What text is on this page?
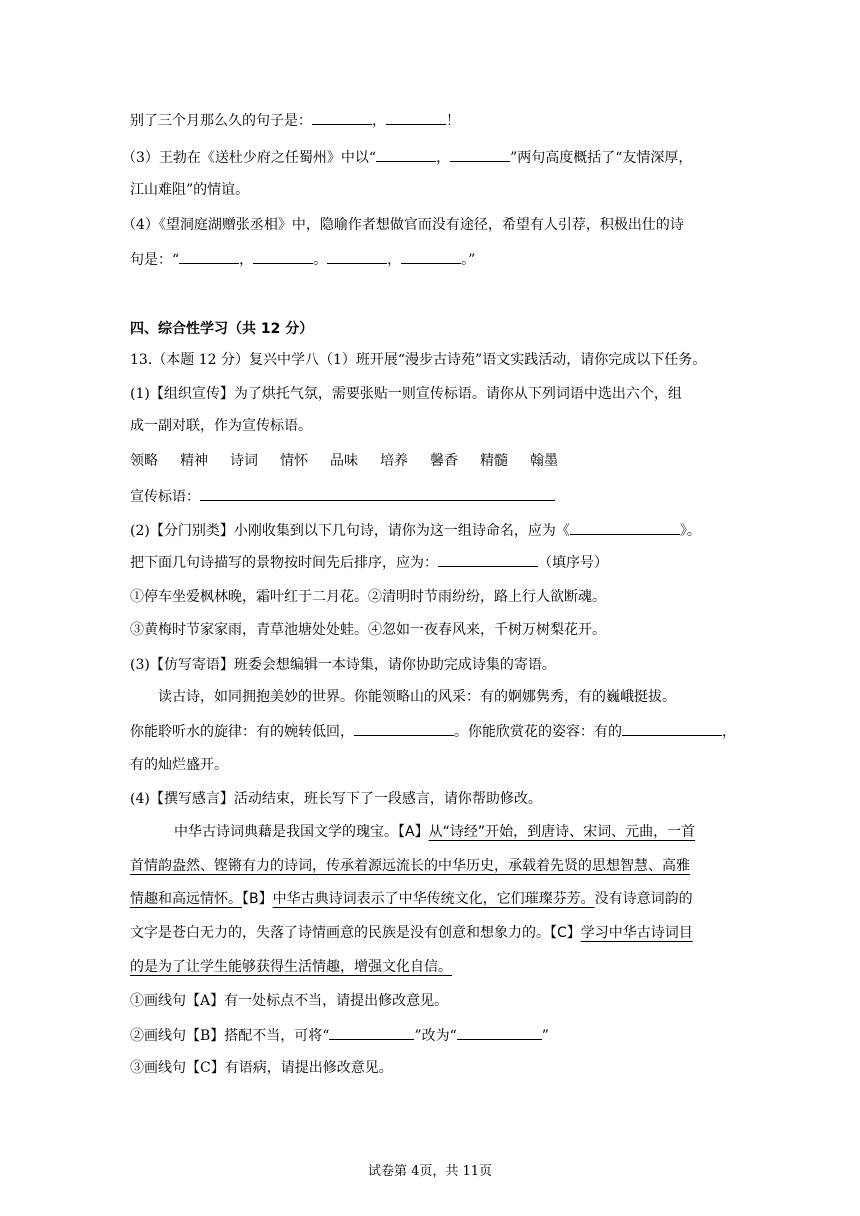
别了三个月那么久的句子是：	，	！
（3）王勃在《送杜少府之任蜀州》中以“	，	”两句高度概括了“友情深厚，
江山难阻”的情谊。
（4）《望洞庭湖赠张丞相》中，隐喻作者想做官而没有途径，希望有人引荐，积极出仕的诗
句是：“	，	。	，	。”
四、综合性学习（共 12 分）
13.（本题 12 分）复兴中学八（1）班开展“漫步古诗苑”语文实践活动，请你完成以下任务。
(1)【组织宣传】为了烘托气氛，需要张贴一则宣传标语。请你从下列词语中选出六个，组
成一副对联，作为宣传标语。
领略 精神 诗词 情怀 品味 培养 馨香 精髓 翰墨
宣传标语：
(2)【分门别类】小刚收集到以下几句诗，请你为这一组诗命名，应为《	》。
把下面几句诗描写的景物按时间先后排序，应为：	（填序号）
①停车坐爱枫林晚，霜叶红于二月花。②清明时节雨纷纷，路上行人欲断魂。
③黄梅时节家家雨，青草池塘处处蛙。④忽如一夜春风来，千树万树梨花开。
(3)【仿写寄语】班委会想编辑一本诗集，请你协助完成诗集的寄语。
读古诗，如同拥抱美妙的世界。你能领略山的风采：有的婀娜隽秀，有的巍峨挺拔。
你能聆听水的旋律：有的婉转低回，	。你能欣赏花的姿容：有的	，
有的灿烂盛开。
(4)【撰写感言】活动结束，班长写下了一段感言，请你帮助修改。
中华古诗词典藉是我国文学的瑰宝。【A】从“诗经”开始，到唐诗、宋词、元曲，一首
首情韵盎然、铿锵有力的诗词，传承着源远流长的中华历史，承载着先贤的思想智慧、高雅
情趣和高远情怀。【B】中华古典诗词表示了中华传统文化，它们璀璨芬芳。没有诗意词韵的
文字是苍白无力的，失落了诗情画意的民族是没有创意和想象力的。【C】学习中华古诗词目
的是为了让学生能够获得生活情趣，增强文化自信。
①画线句【A】有一处标点不当，请提出修改意见。
②画线句【B】搭配不当，可将“	”改为“	”
③画线句【C】有语病，请提出修改意见。
试卷第 4页，共 11页
